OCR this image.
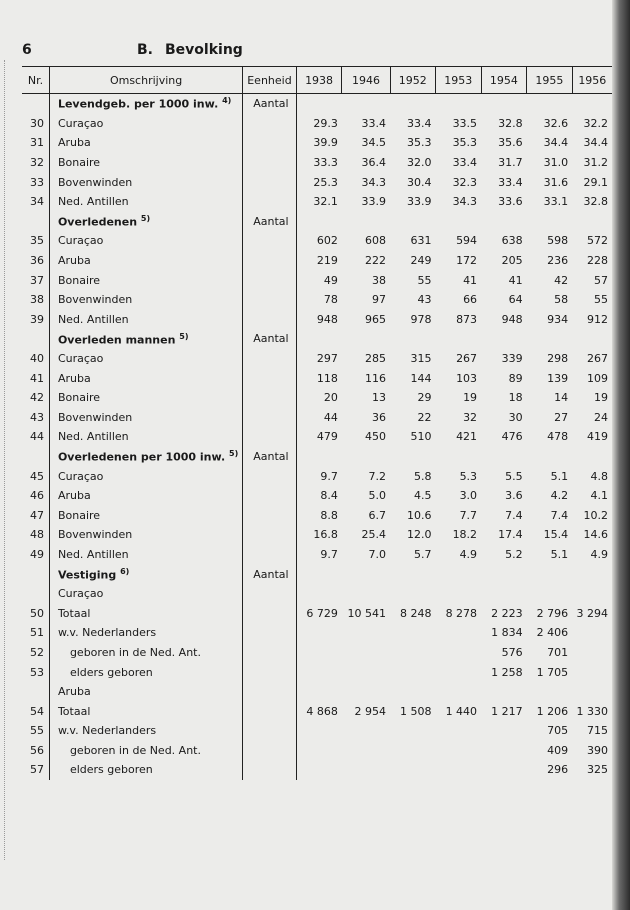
6	B. Bevolking
Nr.	Omschrijving	Eenheid	1938	1946	1952	1953	1954	1955	1956
	Levendgeb. per 1000 inw. $^{4)}$	Aantal							
30	Curaçao		29.3	33.4	33.4	33.5	32.8	32.6	32.2
31	Aruba		39.9	34.5	35.3	35.3	35.6	34.4	34.4
32	Bonaire		33.3	36.4	32.0	33.4	31.7	31.0	31.2
33	Bovenwinden		25.3	34.3	30.4	32.3	33.4	31.6	29.1
34	Ned. Antillen		32.1	33.9	33.9	34.3	33.6	33.1	32.8
	Overledenen $^{5)}$	Aantal							
35	Curaçao		602	608	631	594	638	598	572
36	Aruba		219	222	249	172	205	236	228
37	Bonaire		49	38	55	41	41	42	57
38	Bovenwinden		78	97	43	66	64	58	55
39	Ned. Antillen		948	965	978	873	948	934	912
	Overleden mannen $^{5)}$	Aantal							
40	Curaçao		297	285	315	267	339	298	267
41	Aruba		118	116	144	103	89	139	109
42	Bonaire		20	13	29	19	18	14	19
43	Bovenwinden		44	36	22	32	30	27	24
44	Ned. Antillen		479	450	510	421	476	478	419
	Overledenen per 1000 inw. $^{5)}$	Aantal							
45	Curaçao		9.7	7.2	5.8	5.3	5.5	5.1	4.8
46	Aruba		8.4	5.0	4.5	3.0	3.6	4.2	4.1
47	Bonaire		8.8	6.7	10.6	7.7	7.4	7.4	10.2
48	Bovenwinden		16.8	25.4	12.0	18.2	17.4	15.4	14.6
49	Ned. Antillen		9.7	7.0	5.7	4.9	5.2	5.1	4.9
	Vestiging $^{6)}$	Aantal							
	Curaçao								
50	Totaal		6 729	10 541	8 248	8 278	2 223	2 796	3 294
51	w.v. Nederlanders						1 834	2 406	
52	geboren in de Ned. Ant.						576	701	
53	elders geboren						1 258	1 705	
	Aruba								
54	Totaal		4 868	2 954	1 508	1 440	1 217	1 206	1 330
55	w.v. Nederlanders							705	715
56	geboren in de Ned. Ant.							409	390
57	elders geboren							296	325
